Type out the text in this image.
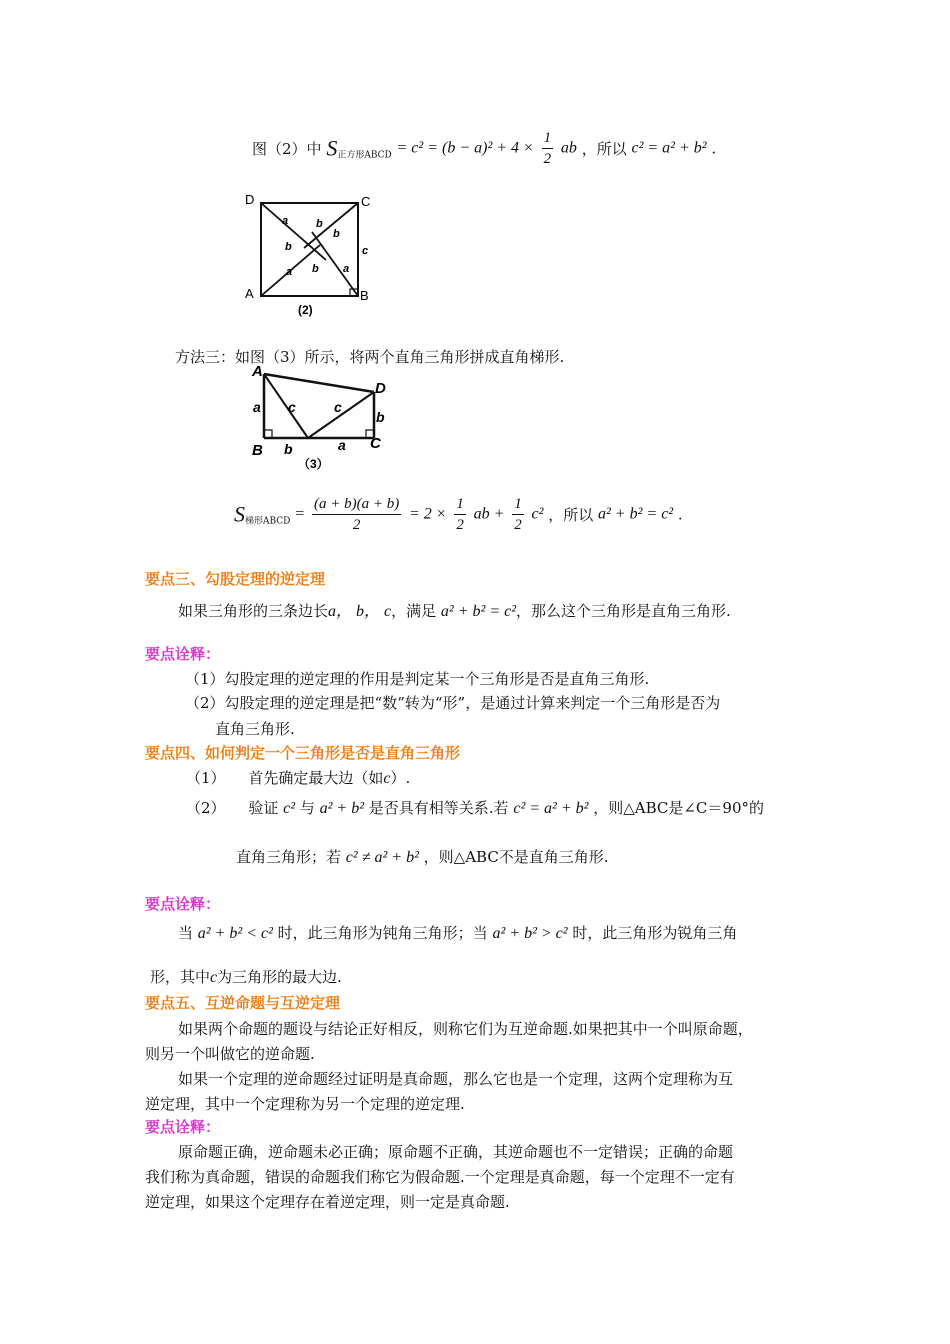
图（2）中 $S_{正方形ABCD} = c^2 = (b - a)^2 + 4 \times \frac{1}{2}$ ab ，所以 c² = a² + b² .
D	C
A	B
a	b
b
a b a
c
b
(2)
方法三：如图（3）所示，将两个直角三角形拼成直角梯形.
A
D
B	C
a c	c
b
b	a
（3）
$S_{梯形ABCD} = \frac{(a + b)(a + b)}{2} = 2 \times \frac{1}{2}$ ab + $\frac{1}{2} c^2$ ，所以 a² + b² = c² .
要点三、勾股定理的逆定理
如果三角形的三条边长a， b， c，满足 a² + b² = c²，那么这个三角形是直角三角形.
要点诠释：
（1）勾股定理的逆定理的作用是判定某一个三角形是否是直角三角形.
（2）勾股定理的逆定理是把“数”转为“形”，是通过计算来判定一个三角形是否为
直角三角形.
要点四、如何判定一个三角形是否是直角三角形
（1） 首先确定最大边（如c）.
（2） 验证 c² 与 a² + b² 是否具有相等关系.若 c² = a² + b² ，则△ABC是∠C＝90°的
直角三角形；若 c² ≠ a² + b² ，则△ABC不是直角三角形.
要点诠释：
当 a² + b² < c² 时，此三角形为钝角三角形；当 a² + b² > c² 时，此三角形为锐角三角
形，其中c为三角形的最大边.
要点五、互逆命题与互逆定理
如果两个命题的题设与结论正好相反，则称它们为互逆命题.如果把其中一个叫原命题，
则另一个叫做它的逆命题.
如果一个定理的逆命题经过证明是真命题，那么它也是一个定理，这两个定理称为互
逆定理，其中一个定理称为另一个定理的逆定理.
要点诠释：
原命题正确，逆命题未必正确；原命题不正确，其逆命题也不一定错误；正确的命题
我们称为真命题，错误的命题我们称它为假命题.一个定理是真命题，每一个定理不一定有
逆定理，如果这个定理存在着逆定理，则一定是真命题.
